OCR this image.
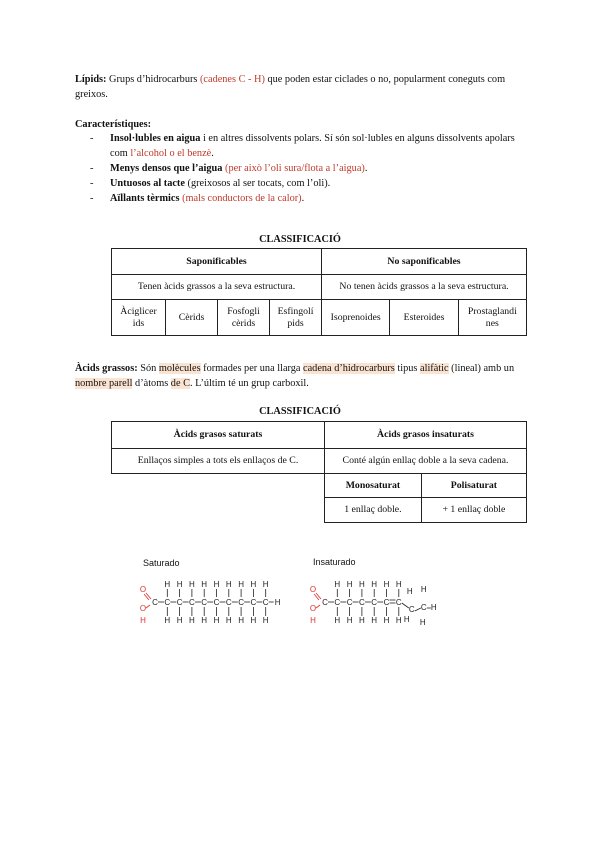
Lípids: Grups d’hidrocarburs (cadenes C - H) que poden estar ciclades o no, popularment coneguts com greixos.

Característiques:

- Insol·lubles en aigua i en altres dissolvents polars. Sí són sol·lubles en alguns dissolvents apolars com l’alcohol o el benzè.
- Menys densos que l’aigua (per això l’oli sura/flota a l’aigua).
- Untuosos al tacte (greixosos al ser tocats, com l’oli).
- Aïllants tèrmics (mals conductors de la calor).
CLASSIFICACIÓ
Saponificables				No saponificables		
Tenen àcids grassos a la seva estructura.				No tenen àcids grassos a la seva estructura.		
Àciglicer ids	Cèrids	Fosfogli cèrids	Esfingolí pids	Isoprenoides	Esteroides	Prostaglandi nes

Àcids grassos: Són molècules formades per una llarga cadena d’hidrocarburs tipus alifàtic (lineal) amb un nombre parell d’àtoms de C. L’últim té un grup carboxil.

CLASSIFICACIÓ
Àcids grasos saturats	Àcids grasos insaturats	
Enllaços simples a tots els enllaços de C.	Conté algún enllaç doble a la seva cadena.	
	Monosaturat	Polisaturat
	1 enllaç doble.	+ 1 enllaç doble
Saturado	Insaturado
O
H
O
C C
H
H
C
H
H
C
H
H
C
H
H
C
H
H
C
H
H
C
H
H
C
H
H
C
H
H
H
O
H
O
C C
H
H
C
H
H
C
H
H
C
H
H
C
H
H
C
H
H
C
H
H
C
H
H
H
